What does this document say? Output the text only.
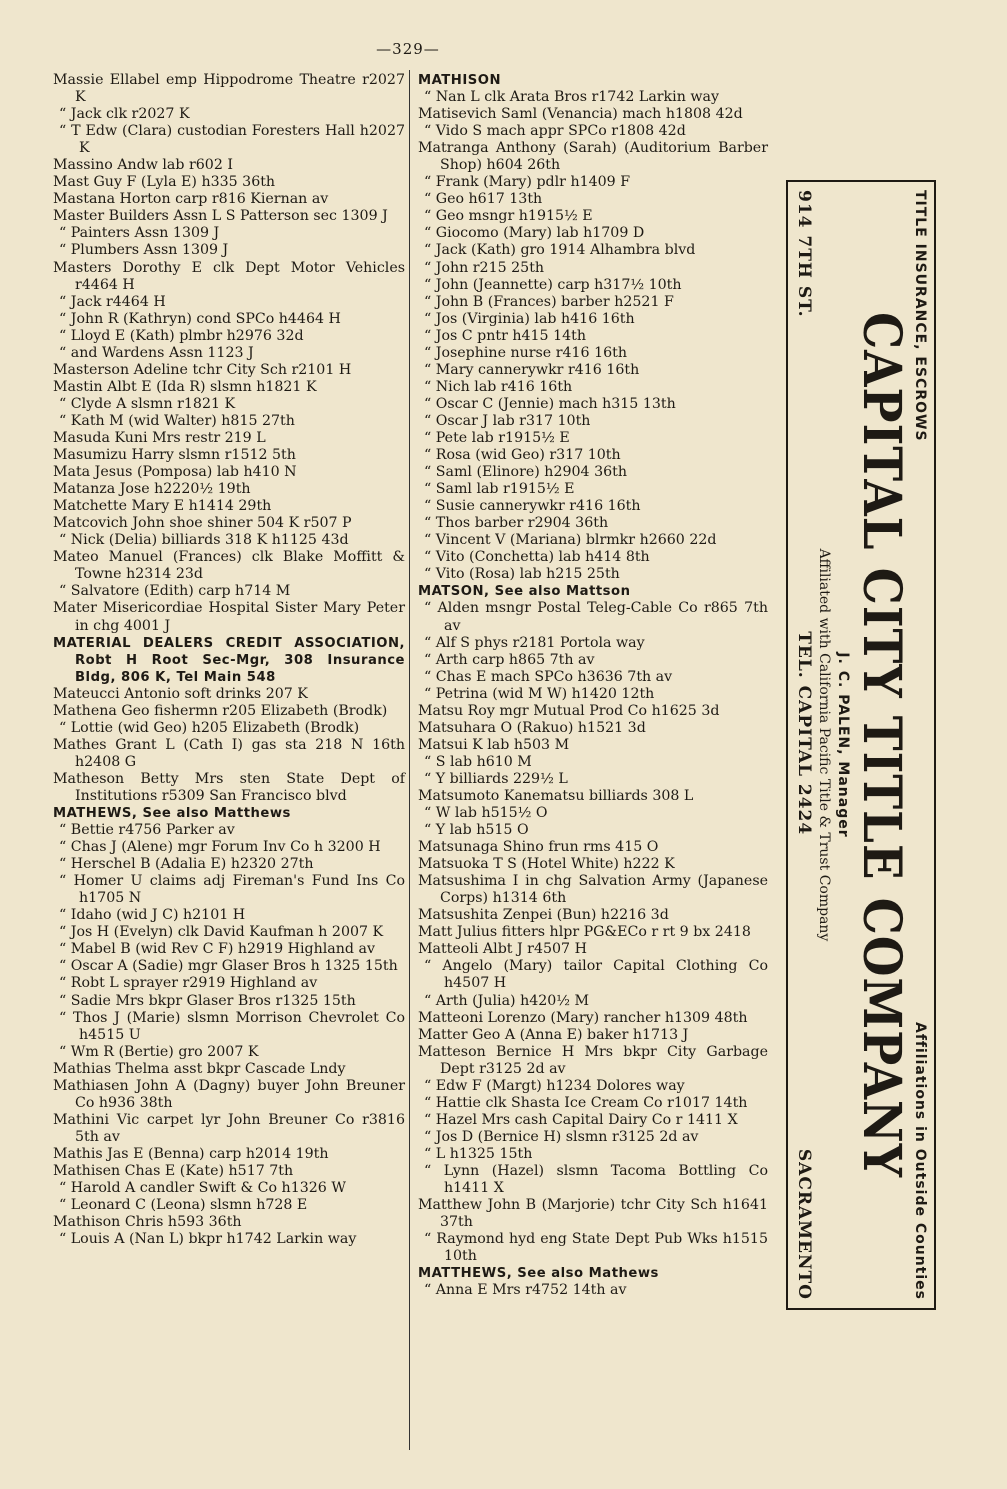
—329—

Massie Ellabel emp Hippodrome Theatre r2027 K

“ Jack clk r2027 K

“ T Edw (Clara) custodian Foresters Hall h2027 K

Massino Andw lab r602 I

Mast Guy F (Lyla E) h335 36th

Mastana Horton carp r816 Kiernan av

Master Builders Assn L S Patterson sec 1309 J

“ Painters Assn 1309 J

“ Plumbers Assn 1309 J

Masters Dorothy E clk Dept Motor Vehicles r4464 H

“ Jack r4464 H

“ John R (Kathryn) cond SPCo h4464 H

“ Lloyd E (Kath) plmbr h2976 32d

“ and Wardens Assn 1123 J

Masterson Adeline tchr City Sch r2101 H

Mastin Albt E (Ida R) slsmn h1821 K

“ Clyde A slsmn r1821 K

“ Kath M (wid Walter) h815 27th

Masuda Kuni Mrs restr 219 L

Masumizu Harry slsmn r1512 5th

Mata Jesus (Pomposa) lab h410 N

Matanza Jose h2220½ 19th

Matchette Mary E h1414 29th

Matcovich John shoe shiner 504 K r507 P

“ Nick (Delia) billiards 318 K h1125 43d

Mateo Manuel (Frances) clk Blake Moffitt & Towne h2314 23d

“ Salvatore (Edith) carp h714 M

Mater Misericordiae Hospital Sister Mary Peter in chg 4001 J

MATERIAL DEALERS CREDIT ASSOCIATION, Robt H Root Sec-Mgr, 308 Insurance Bldg, 806 K, Tel Main 548

Mateucci Antonio soft drinks 207 K

Mathena Geo fishermn r205 Elizabeth (Brodk)

“ Lottie (wid Geo) h205 Elizabeth (Brodk)

Mathes Grant L (Cath I) gas sta 218 N 16th h2408 G

Matheson Betty Mrs sten State Dept of Institutions r5309 San Francisco blvd

MATHEWS, See also Matthews

“ Bettie r4756 Parker av

“ Chas J (Alene) mgr Forum Inv Co h 3200 H

“ Herschel B (Adalia E) h2320 27th

“ Homer U claims adj Fireman's Fund Ins Co h1705 N

“ Idaho (wid J C) h2101 H

“ Jos H (Evelyn) clk David Kaufman h 2007 K

“ Mabel B (wid Rev C F) h2919 Highland av

“ Oscar A (Sadie) mgr Glaser Bros h 1325 15th

“ Robt L sprayer r2919 Highland av

“ Sadie Mrs bkpr Glaser Bros r1325 15th

“ Thos J (Marie) slsmn Morrison Chevrolet Co h4515 U

“ Wm R (Bertie) gro 2007 K

Mathias Thelma asst bkpr Cascade Lndy

Mathiasen John A (Dagny) buyer John Breuner Co h936 38th

Mathini Vic carpet lyr John Breuner Co r3816 5th av

Mathis Jas E (Benna) carp h2014 19th

Mathisen Chas E (Kate) h517 7th

“ Harold A candler Swift & Co h1326 W

“ Leonard C (Leona) slsmn h728 E

Mathison Chris h593 36th

“ Louis A (Nan L) bkpr h1742 Larkin way

MATHISON

“ Nan L clk Arata Bros r1742 Larkin way

Matisevich Saml (Venancia) mach h1808 42d

“ Vido S mach appr SPCo r1808 42d

Matranga Anthony (Sarah) (Auditorium Barber Shop) h604 26th

“ Frank (Mary) pdlr h1409 F

“ Geo h617 13th

“ Geo msngr h1915½ E

“ Giocomo (Mary) lab h1709 D

“ Jack (Kath) gro 1914 Alhambra blvd

“ John r215 25th

“ John (Jeannette) carp h317½ 10th

“ John B (Frances) barber h2521 F

“ Jos (Virginia) lab h416 16th

“ Jos C pntr h415 14th

“ Josephine nurse r416 16th

“ Mary cannerywkr r416 16th

“ Nich lab r416 16th

“ Oscar C (Jennie) mach h315 13th

“ Oscar J lab r317 10th

“ Pete lab r1915½ E

“ Rosa (wid Geo) r317 10th

“ Saml (Elinore) h2904 36th

“ Saml lab r1915½ E

“ Susie cannerywkr r416 16th

“ Thos barber r2904 36th

“ Vincent V (Mariana) blrmkr h2660 22d

“ Vito (Conchetta) lab h414 8th

“ Vito (Rosa) lab h215 25th

MATSON, See also Mattson

“ Alden msngr Postal Teleg-Cable Co r865 7th av

“ Alf S phys r2181 Portola way

“ Arth carp h865 7th av

“ Chas E mach SPCo h3636 7th av

“ Petrina (wid M W) h1420 12th

Matsu Roy mgr Mutual Prod Co h1625 3d

Matsuhara O (Rakuo) h1521 3d

Matsui K lab h503 M

“ S lab h610 M

“ Y billiards 229½ L

Matsumoto Kanematsu billiards 308 L

“ W lab h515½ O

“ Y lab h515 O

Matsunaga Shino frun rms 415 O

Matsuoka T S (Hotel White) h222 K

Matsushima I in chg Salvation Army (Japanese Corps) h1314 6th

Matsushita Zenpei (Bun) h2216 3d

Matt Julius fitters hlpr PG&ECo r rt 9 bx 2418

Matteoli Albt J r4507 H

“ Angelo (Mary) tailor Capital Clothing Co h4507 H

“ Arth (Julia) h420½ M

Matteoni Lorenzo (Mary) rancher h1309 48th

Matter Geo A (Anna E) baker h1713 J

Matteson Bernice H Mrs bkpr City Garbage Dept r3125 2d av

“ Edw F (Margt) h1234 Dolores way

“ Hattie clk Shasta Ice Cream Co r1017 14th

“ Hazel Mrs cash Capital Dairy Co r 1411 X

“ Jos D (Bernice H) slsmn r3125 2d av

“ L h1325 15th

“ Lynn (Hazel) slsmn Tacoma Bottling Co h1411 X

Matthew John B (Marjorie) tchr City Sch h1641 37th

“ Raymond hyd eng State Dept Pub Wks h1515 10th

MATTHEWS, See also Mathews

“ Anna E Mrs r4752 14th av

TITLE INSURANCE, ESCROWS
Affiliations in Outside Counties
CAPITAL CITY TITLE COMPANY
J. C. PALEN, Manager
Affiliated with California Pacific Title & Trust Company
914 7TH ST.
TEL. CAPITAL 2424
SACRAMENTO
